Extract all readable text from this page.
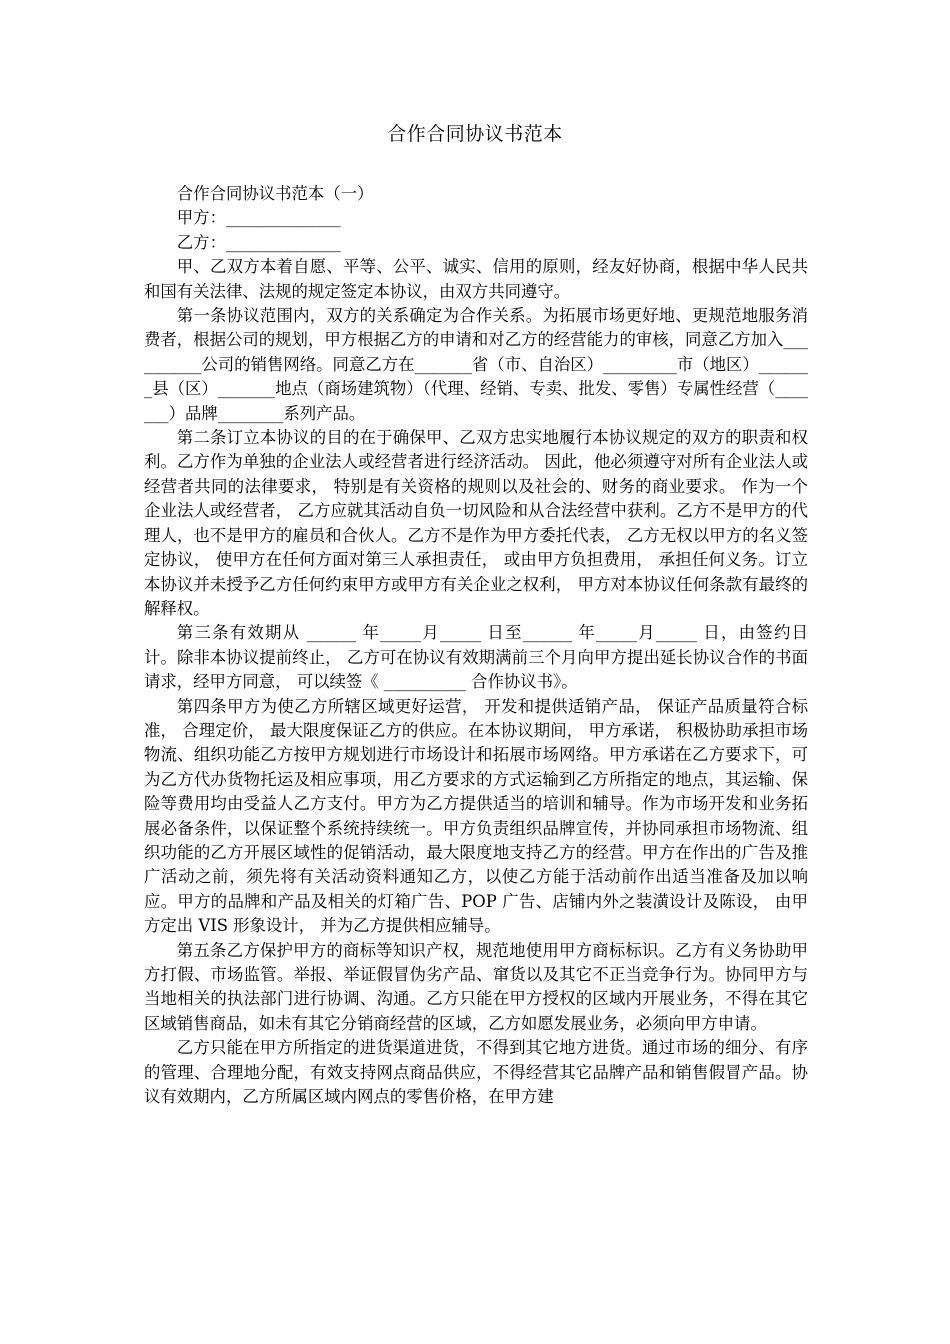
合作合同协议书范本

合作合同协议书范本（一）

甲方：______________

乙方：______________

甲、乙双方本着自愿、平等、公平、诚实、信用的原则，经友好协商，根据中华人民共和国有关法律、法规的规定签定本协议，由双方共同遵守。

第一条协议范围内，双方的关系确定为合作关系。为拓展市场更好地、更规范地服务消费者，根据公司的规划，甲方根据乙方的申请和对乙方的经营能力的审核，同意乙方加入__________公司的销售网络。同意乙方在_______省（市、自治区）_________市（地区）_______县（区）_______地点（商场建筑物）（代理、经销、专卖、批发、零售）专属性经营（_______）品牌________系列产品。

第二条订立本协议的目的在于确保甲、乙双方忠实地履行本协议规定的双方的职责和权利。乙方作为单独的企业法人或经营者进行经济活动。 因此，他必须遵守对所有企业法人或经营者共同的法律要求， 特别是有关资格的规则以及社会的、财务的商业要求。 作为一个企业法人或经营者， 乙方应就其活动自负一切风险和从合法经营中获利。乙方不是甲方的代理人，也不是甲方的雇员和合伙人。乙方不是作为甲方委托代表， 乙方无权以甲方的名义签定协议， 使甲方在任何方面对第三人承担责任， 或由甲方负担费用， 承担任何义务。订立本协议并未授予乙方任何约束甲方或甲方有关企业之权利， 甲方对本协议任何条款有最终的解释权。

第三条有效期从 ______ 年_____月_____ 日至______ 年_____月_____ 日，由签约日计。除非本协议提前终止， 乙方可在协议有效期满前三个月向甲方提出延长协议合作的书面请求，经甲方同意， 可以续签《 __________ 合作协议书》。

第四条甲方为使乙方所辖区域更好运营， 开发和提供适销产品， 保证产品质量符合标准， 合理定价， 最大限度保证乙方的供应。在本协议期间， 甲方承诺， 积极协助承担市场物流、组织功能乙方按甲方规划进行市场设计和拓展市场网络。甲方承诺在乙方要求下，可为乙方代办货物托运及相应事项，用乙方要求的方式运输到乙方所指定的地点，其运输、保险等费用均由受益人乙方支付。甲方为乙方提供适当的培训和辅导。作为市场开发和业务拓展必备条件，以保证整个系统持续统一。甲方负责组织品牌宣传，并协同承担市场物流、组织功能的乙方开展区域性的促销活动，最大限度地支持乙方的经营。甲方在作出的广告及推广活动之前，须先将有关活动资料通知乙方，以使乙方能于活动前作出适当准备及加以响应。甲方的品牌和产品及相关的灯箱广告、POP 广告、店铺内外之装潢设计及陈设， 由甲方定出 VIS 形象设计， 并为乙方提供相应辅导。

第五条乙方保护甲方的商标等知识产权，规范地使用甲方商标标识。乙方有义务协助甲方打假、市场监管。举报、举证假冒伪劣产品、窜货以及其它不正当竞争行为。协同甲方与当地相关的执法部门进行协调、沟通。乙方只能在甲方授权的区域内开展业务，不得在其它区域销售商品，如未有其它分销商经营的区域，乙方如愿发展业务，必须向甲方申请。

乙方只能在甲方所指定的进货渠道进货，不得到其它地方进货。通过市场的细分、有序的管理、合理地分配，有效支持网点商品供应，不得经营其它品牌产品和销售假冒产品。协议有效期内，乙方所属区域内网点的零售价格，在甲方建
